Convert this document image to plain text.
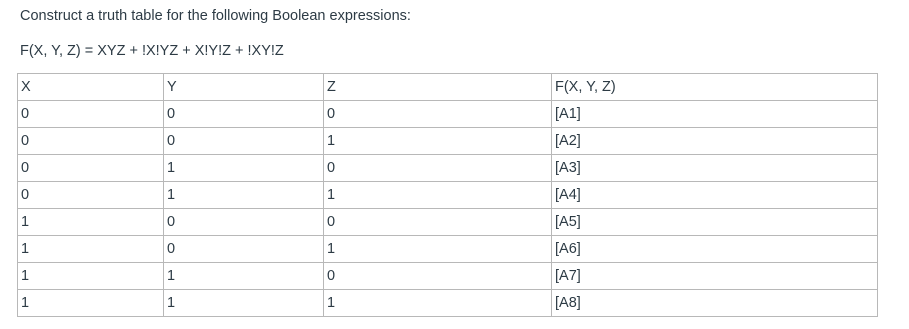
Construct a truth table for the following Boolean expressions:
F(X, Y, Z) = XYZ + !X!YZ + X!Y!Z + !XY!Z
X	Y	Z	F(X, Y, Z)
0	0	0	[A1]
0	0	1	[A2]
0	1	0	[A3]
0	1	1	[A4]
1	0	0	[A5]
1	0	1	[A6]
1	1	0	[A7]
1	1	1	[A8]
